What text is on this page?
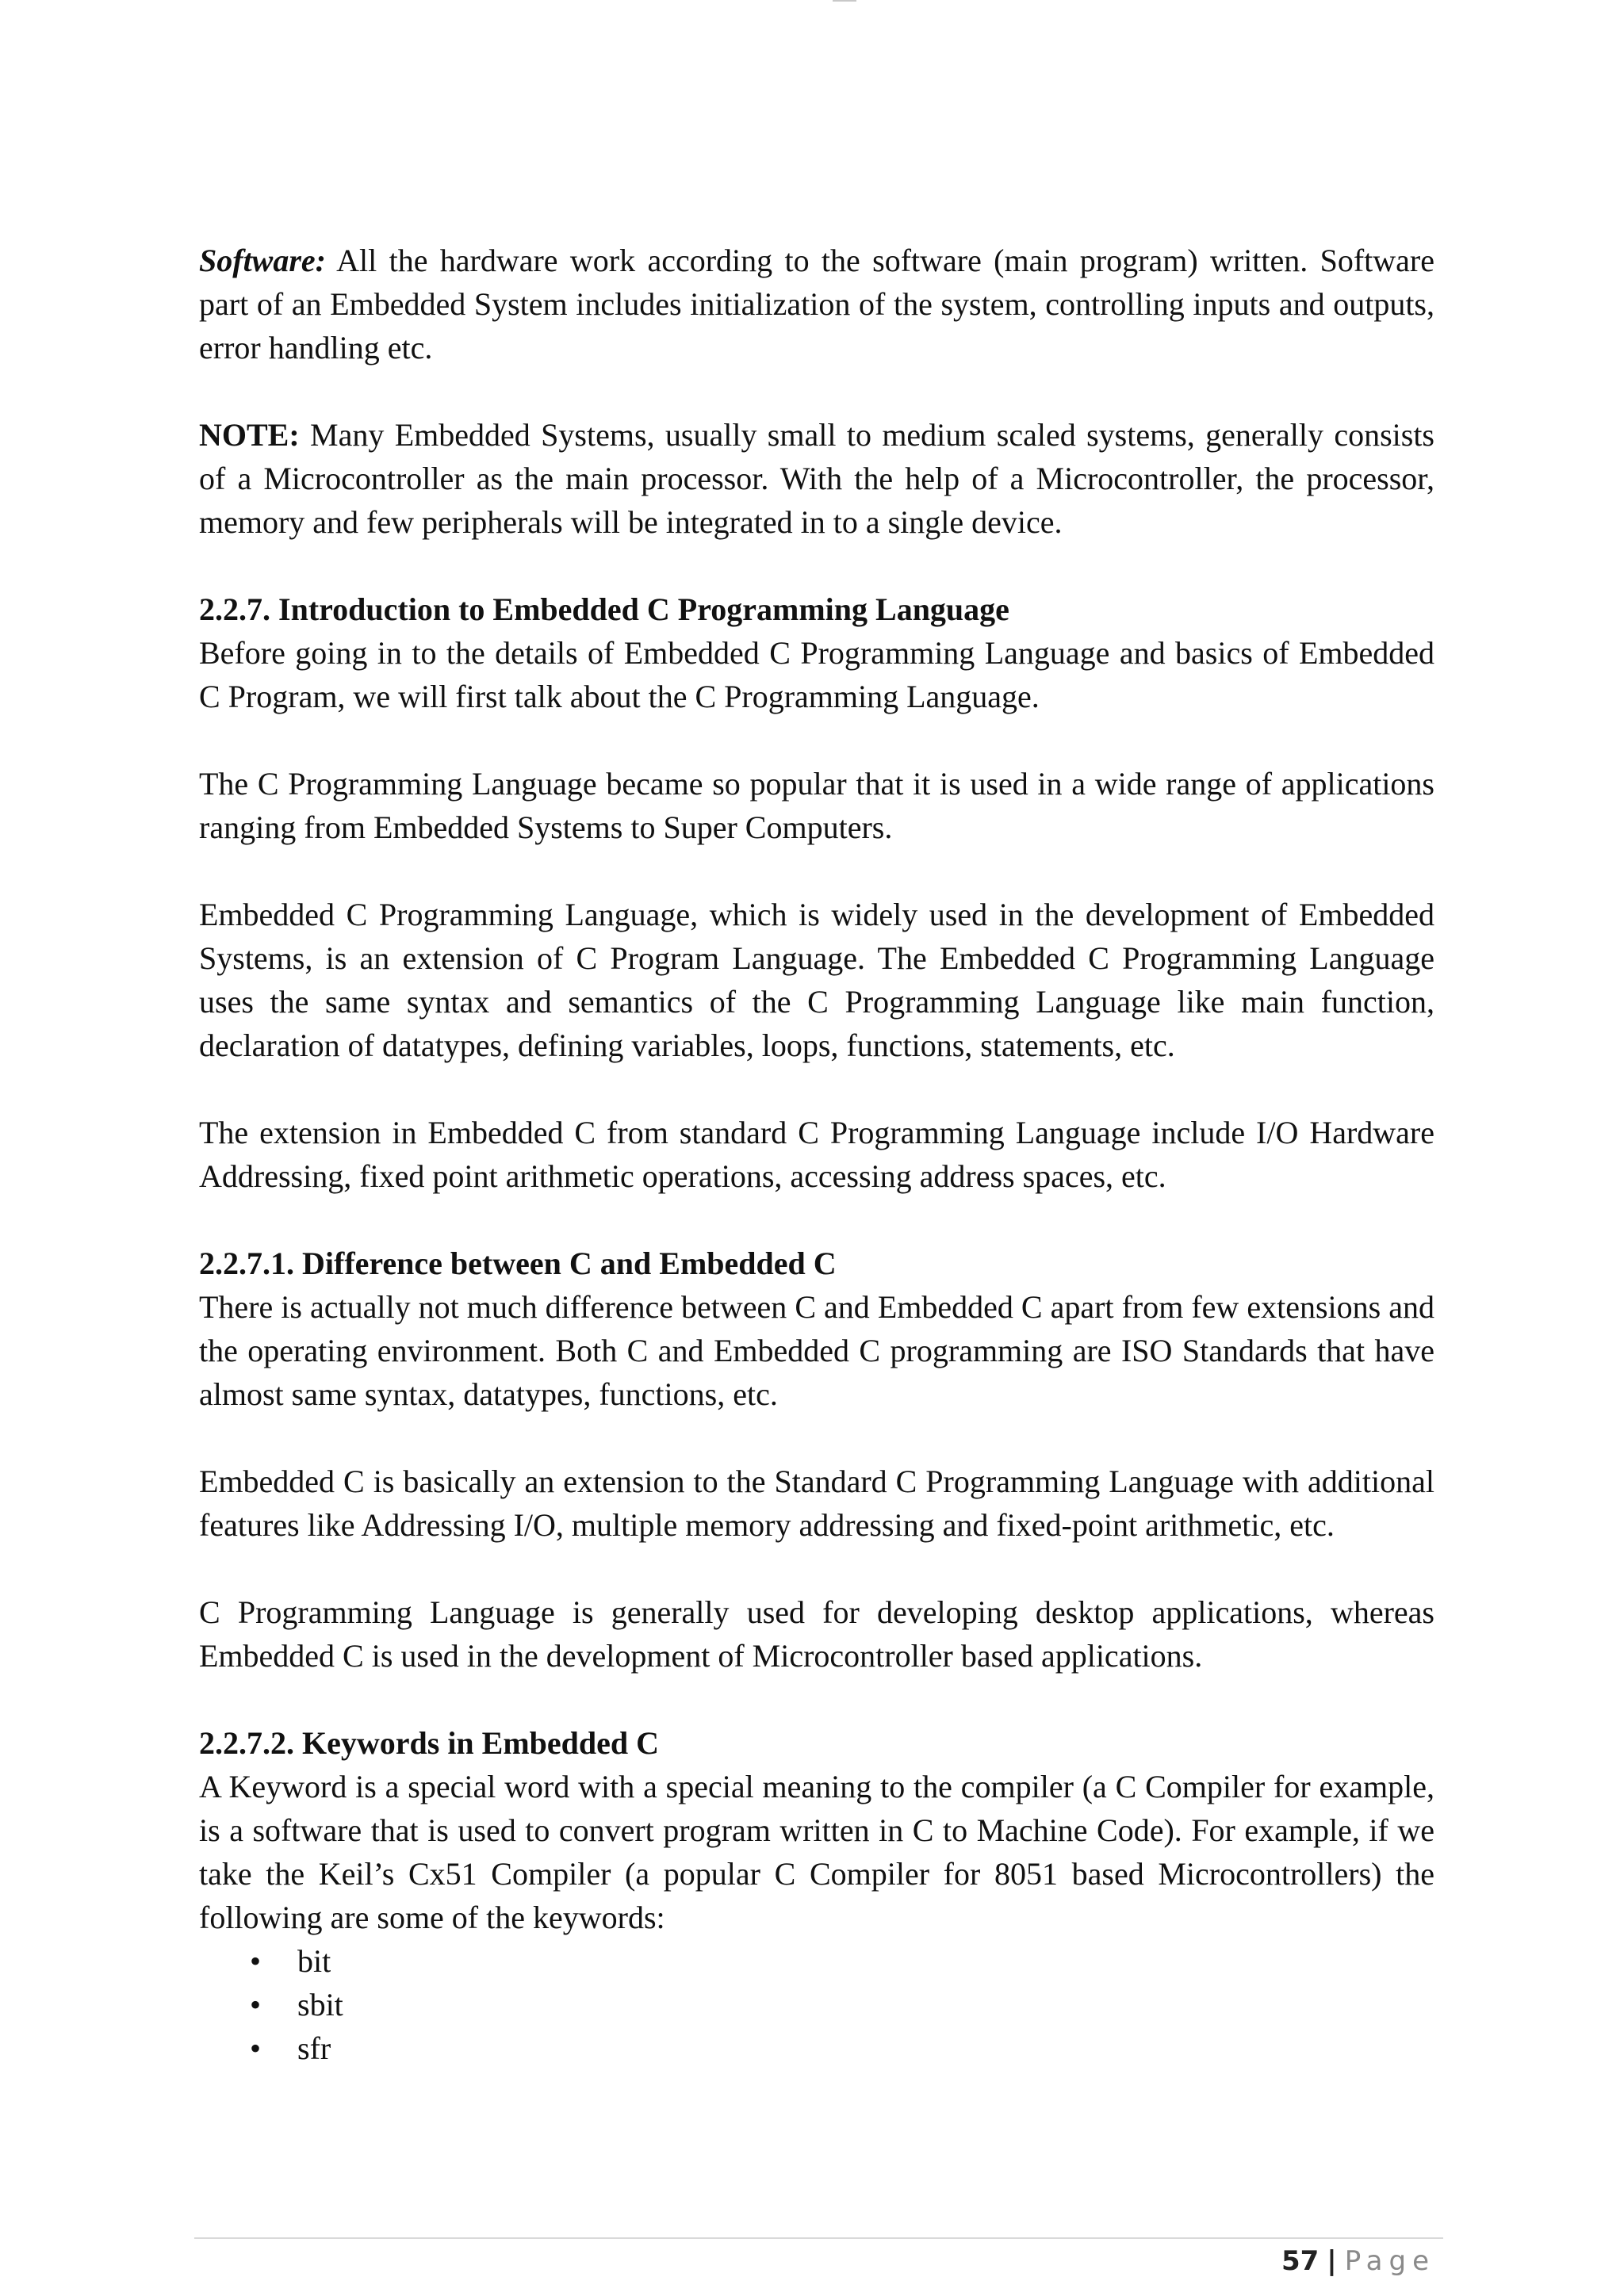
Software: All the hardware work according to the software (main program) written. Software part of an Embedded System includes initialization of the system, controlling inputs and outputs, error handling etc.

NOTE: Many Embedded Systems, usually small to medium scaled systems, generally consists of a Microcontroller as the main processor. With the help of a Microcontroller, the processor, memory and few peripherals will be integrated in to a single device.

2.2.7. Introduction to Embedded C Programming Language

Before going in to the details of Embedded C Programming Language and basics of Embedded C Program, we will first talk about the C Programming Language.

The C Programming Language became so popular that it is used in a wide range of applications ranging from Embedded Systems to Super Computers.

Embedded C Programming Language, which is widely used in the development of Embedded Systems, is an extension of C Program Language. The Embedded C Programming Language uses the same syntax and semantics of the C Programming Language like main function, declaration of datatypes, defining variables, loops, functions, statements, etc.

The extension in Embedded C from standard C Programming Language include I/O Hardware Addressing, fixed point arithmetic operations, accessing address spaces, etc.

2.2.7.1. Difference between C and Embedded C

There is actually not much difference between C and Embedded C apart from few extensions and the operating environment. Both C and Embedded C programming are ISO Standards that have almost same syntax, datatypes, functions, etc.

Embedded C is basically an extension to the Standard C Programming Language with additional features like Addressing I/O, multiple memory addressing and fixed-point arithmetic, etc.

C Programming Language is generally used for developing desktop applications, whereas Embedded C is used in the development of Microcontroller based applications.

2.2.7.2. Keywords in Embedded C

A Keyword is a special word with a special meaning to the compiler (a C Compiler for example, is a software that is used to convert program written in C to Machine Code). For example, if we take the Keil’s Cx51 Compiler (a popular C Compiler for 8051 based Microcontrollers) the following are some of the keywords:

• bit
• sbit
• sfr
57 | Page
